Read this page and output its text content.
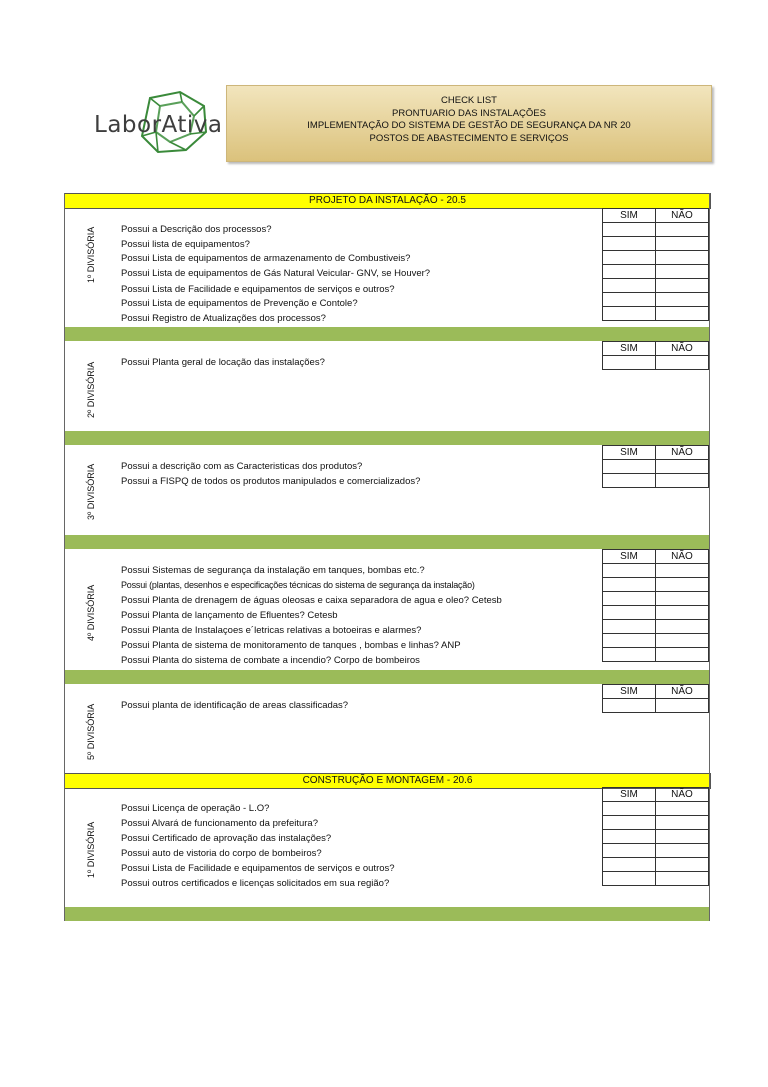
LaborAtiva
CHECK LIST
PRONTUARIO DAS INSTALAÇÕES
IMPLEMENTAÇÃO DO SISTEMA DE GESTÃO DE SEGURANÇA DA NR 20
POSTOS DE ABASTECIMENTO E SERVIÇOS
PROJETO DA INSTALAÇÃO - 20.5
SIM	NÃO

1º DIVISÓRIA	Possui a Descrição dos processos?
Possui lista de equipamentos?
Possui Lista de equipamentos de armazenamento de Combustiveis?
Possui Lista de equipamentos de Gás Natural Veicular- GNV, se Houver?
Possui Lista de Facilidade e equipamentos de serviços e outros?
Possui Lista de equipamentos de Prevenção e Contole?
Possui Registro de Atualizações dos processos?
SIM	NÃO

2º DIVISÓRIA	Possui Planta geral de locação das instalações?
SIM	NÃO

3º DIVISÓRIA	Possui a descrição com as Caracteristicas dos produtos?
Possui a FISPQ de todos os produtos manipulados e comercializados?
SIM	NÃO

4º DIVISÓRIA
Possui Sistemas de segurança da instalação em tanques, bombas etc.?
Possui (plantas, desenhos e especificações técnicas do sistema de segurança da instalação)
Possui Planta de drenagem de águas oleosas e caixa separadora de agua e oleo? Cetesb
Possui Planta de lançamento de Efluentes? Cetesb
Possui Planta de Instalaçoes e´letricas relativas a botoeiras e alarmes?
Possui Planta de sistema de monitoramento de tanques , bombas e linhas? ANP
Possui Planta do sistema de combate a incendio? Corpo de bombeiros
SIM	NÃO

5º DIVISÓRIA	Possui planta de identificação de areas classificadas?
CONSTRUÇÃO E MONTAGEM - 20.6
SIM	NÃO

1º DIVISÓRIA
Possui Licença de operação - L.O?
Possui Alvará de funcionamento da prefeitura?
Possui Certificado de aprovação das instalações?
Possui auto de vistoria do corpo de bombeiros?
Possui Lista de Facilidade e equipamentos de serviços e outros?
Possui outros certificados e licenças solicitados em sua região?
